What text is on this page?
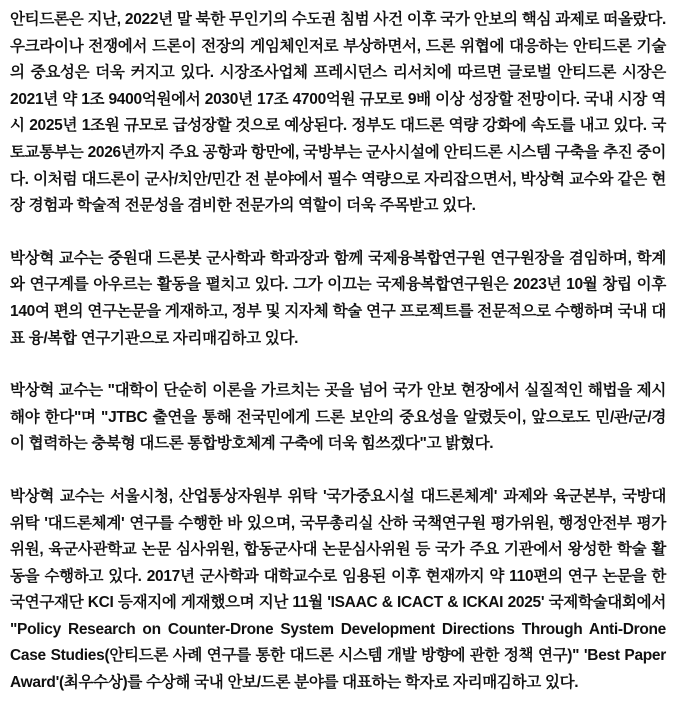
안티드론은 지난, 2022년 말 북한 무인기의 수도권 침범 사건 이후 국가 안보의 핵심 과제로 떠올랐다. 우크라이나 전쟁에서 드론이 전장의 게임체인저로 부상하면서, 드론 위협에 대응하는 안티드론 기술의 중요성은 더욱 커지고 있다. 시장조사업체 프레시던스 리서치에 따르면 글로벌 안티드론 시장은 2021년 약 1조 9400억원에서 2030년 17조 4700억원 규모로 9배 이상 성장할 전망이다. 국내 시장 역시 2025년 1조원 규모로 급성장할 것으로 예상된다. 정부도 대드론 역량 강화에 속도를 내고 있다. 국토교통부는 2026년까지 주요 공항과 항만에, 국방부는 군사시설에 안티드론 시스템 구축을 추진 중이다. 이처럼 대드론이 군사/치안/민간 전 분야에서 필수 역량으로 자리잡으면서, 박상혁 교수와 같은 현장 경험과 학술적 전문성을 겸비한 전문가의 역할이 더욱 주목받고 있다.

박상혁 교수는 중원대 드론봇 군사학과 학과장과 함께 국제융복합연구원 연구원장을 겸임하며, 학계와 연구계를 아우르는 활동을 펼치고 있다. 그가 이끄는 국제융복합연구원은 2023년 10월 창립 이후 140여 편의 연구논문을 게재하고, 정부 및 지자체 학술 연구 프로젝트를 전문적으로 수행하며 국내 대표 융/복합 연구기관으로 자리매김하고 있다.

박상혁 교수는 "대학이 단순히 이론을 가르치는 곳을 넘어 국가 안보 현장에서 실질적인 해법을 제시해야 한다"며 "JTBC 출연을 통해 전국민에게 드론 보안의 중요성을 알렸듯이, 앞으로도 민/관/군/경이 협력하는 충북형 대드론 통합방호체계 구축에 더욱 힘쓰겠다"고 밝혔다.

박상혁 교수는 서울시청, 산업통상자원부 위탁 '국가중요시설 대드론체계' 과제와 육군본부, 국방대 위탁 '대드론체계' 연구를 수행한 바 있으며, 국무총리실 산하 국책연구원 평가위원, 행정안전부 평가위원, 육군사관학교 논문 심사위원, 합동군사대 논문심사위원 등 국가 주요 기관에서 왕성한 학술 활동을 수행하고 있다. 2017년 군사학과 대학교수로 임용된 이후 현재까지 약 110편의 연구 논문을 한국연구재단 KCI 등재지에 게재했으며 지난 11월 'ISAAC & ICACT & ICKAI 2025' 국제학술대회에서 "Policy Research on Counter-Drone System Development Directions Through Anti-Drone Case Studies(안티드론 사례 연구를 통한 대드론 시스템 개발 방향에 관한 정책 연구)" 'Best Paper Award'(최우수상)를 수상해 국내 안보/드론 분야를 대표하는 학자로 자리매김하고 있다.
